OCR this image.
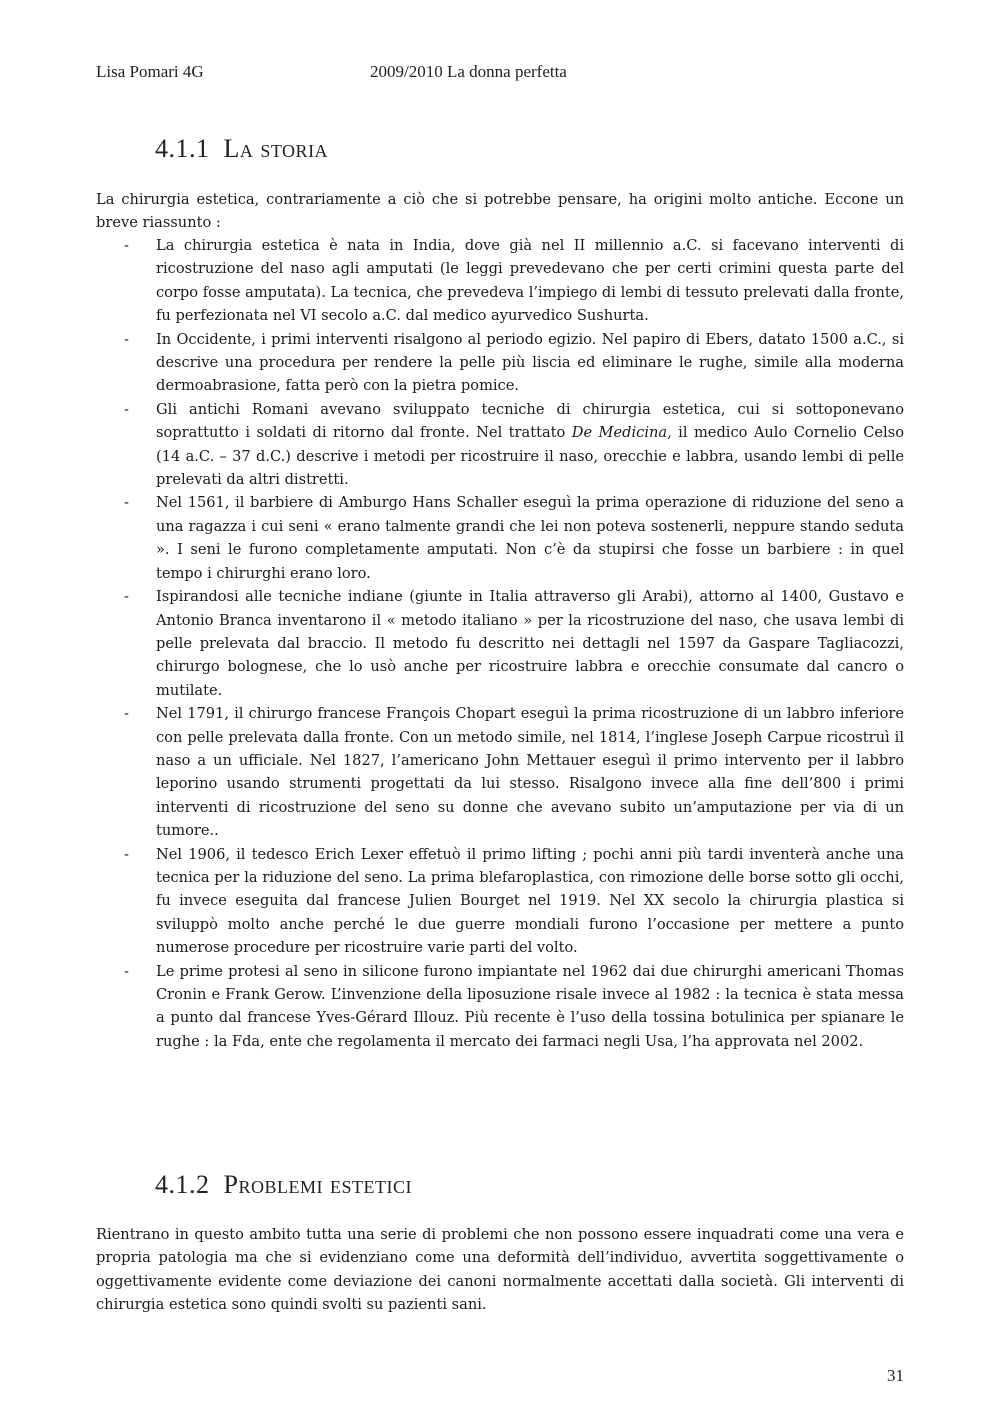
Lisa Pomari 4G	2009/2010 La donna perfetta
4.1.1 La storia

La chirurgia estetica, contrariamente a ciò che si potrebbe pensare, ha origini molto antiche. Eccone un breve riassunto :

- La chirurgia estetica è nata in India, dove già nel II millennio a.C. si facevano interventi di ricostruzione del naso agli amputati (le leggi prevedevano che per certi crimini questa parte del corpo fosse amputata). La tecnica, che prevedeva l’impiego di lembi di tessuto prelevati dalla fronte, fu perfezionata nel VI secolo a.C. dal medico ayurvedico Sushurta.
- In Occidente, i primi interventi risalgono al periodo egizio. Nel papiro di Ebers, datato 1500 a.C., si descrive una procedura per rendere la pelle più liscia ed eliminare le rughe, simile alla moderna dermoabrasione, fatta però con la pietra pomice.
- Gli antichi Romani avevano sviluppato tecniche di chirurgia estetica, cui si sottoponevano soprattutto i soldati di ritorno dal fronte. Nel trattato De Medicina, il medico Aulo Cornelio Celso (14 a.C. – 37 d.C.) descrive i metodi per ricostruire il naso, orecchie e labbra, usando lembi di pelle prelevati da altri distretti.
- Nel 1561, il barbiere di Amburgo Hans Schaller eseguì la prima operazione di riduzione del seno a una ragazza i cui seni « erano talmente grandi che lei non poteva sostenerli, neppure stando seduta ». I seni le furono completamente amputati. Non c’è da stupirsi che fosse un barbiere : in quel tempo i chirurghi erano loro.
- Ispirandosi alle tecniche indiane (giunte in Italia attraverso gli Arabi), attorno al 1400, Gustavo e Antonio Branca inventarono il « metodo italiano » per la ricostruzione del naso, che usava lembi di pelle prelevata dal braccio. Il metodo fu descritto nei dettagli nel 1597 da Gaspare Tagliacozzi, chirurgo bolognese, che lo usò anche per ricostruire labbra e orecchie consumate dal cancro o mutilate.
- Nel 1791, il chirurgo francese François Chopart eseguì la prima ricostruzione di un labbro inferiore con pelle prelevata dalla fronte. Con un metodo simile, nel 1814, l’inglese Joseph Carpue ricostruì il naso a un ufficiale. Nel 1827, l’americano John Mettauer eseguì il primo intervento per il labbro leporino usando strumenti progettati da lui stesso. Risalgono invece alla fine dell’800 i primi interventi di ricostruzione del seno su donne che avevano subito un’amputazione per via di un tumore..
- Nel 1906, il tedesco Erich Lexer effetuò il primo lifting ; pochi anni più tardi inventerà anche una tecnica per la riduzione del seno. La prima blefaroplastica, con rimozione delle borse sotto gli occhi, fu invece eseguita dal francese Julien Bourget nel 1919. Nel XX secolo la chirurgia plastica si sviluppò molto anche perché le due guerre mondiali furono l’occasione per mettere a punto numerose procedure per ricostruire varie parti del volto.
- Le prime protesi al seno in silicone furono impiantate nel 1962 dai due chirurghi americani Thomas Cronin e Frank Gerow. L’invenzione della liposuzione risale invece al 1982 : la tecnica è stata messa a punto dal francese Yves-Gérard Illouz. Più recente è l’uso della tossina botulinica per spianare le rughe : la Fda, ente che regolamenta il mercato dei farmaci negli Usa, l’ha approvata nel 2002.
4.1.2 Problemi estetici

Rientrano in questo ambito tutta una serie di problemi che non possono essere inquadrati come una vera e propria patologia ma che si evidenziano come una deformità dell’individuo, avvertita soggettivamente o oggettivamente evidente come deviazione dei canoni normalmente accettati dalla società. Gli interventi di chirurgia estetica sono quindi svolti su pazienti sani.

31
